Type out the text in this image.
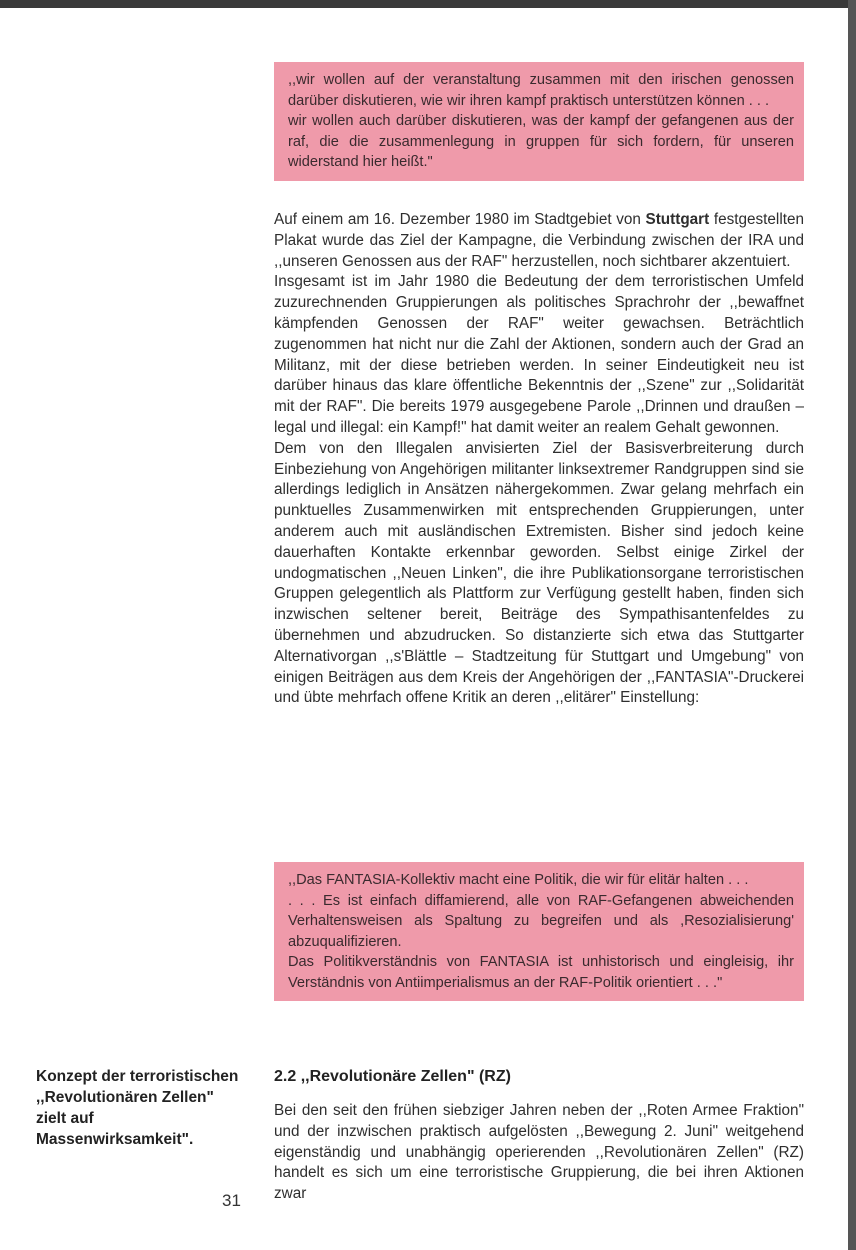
,,wir wollen auf der veranstaltung zusammen mit den irischen genossen darüber diskutieren, wie wir ihren kampf praktisch unterstützen können . . .

wir wollen auch darüber diskutieren, was der kampf der gefangenen aus der raf, die die zusammenlegung in gruppen für sich fordern, für unseren widerstand hier heißt."

Auf einem am 16. Dezember 1980 im Stadtgebiet von Stuttgart festgestellten Plakat wurde das Ziel der Kampagne, die Verbindung zwischen der IRA und ,,unseren Genossen aus der RAF" herzustellen, noch sichtbarer akzentuiert.

Insgesamt ist im Jahr 1980 die Bedeutung der dem terroristischen Umfeld zuzurechnenden Gruppierungen als politisches Sprachrohr der ,,bewaffnet kämpfenden Genossen der RAF" weiter gewachsen. Beträchtlich zugenommen hat nicht nur die Zahl der Aktionen, sondern auch der Grad an Militanz, mit der diese betrieben werden. In seiner Eindeutigkeit neu ist darüber hinaus das klare öffentliche Bekenntnis der ,,Szene" zur ,,Solidarität mit der RAF". Die bereits 1979 ausgegebene Parole ,,Drinnen und draußen – legal und illegal: ein Kampf!" hat damit weiter an realem Gehalt gewonnen.

Dem von den Illegalen anvisierten Ziel der Basisverbreiterung durch Einbeziehung von Angehörigen militanter linksextremer Randgruppen sind sie allerdings lediglich in Ansätzen nähergekommen. Zwar gelang mehrfach ein punktuelles Zusammenwirken mit entsprechenden Gruppierungen, unter anderem auch mit ausländischen Extremisten. Bisher sind jedoch keine dauerhaften Kontakte erkennbar geworden. Selbst einige Zirkel der undogmatischen ,,Neuen Linken", die ihre Publikationsorgane terroristischen Gruppen gelegentlich als Plattform zur Verfügung gestellt haben, finden sich inzwischen seltener bereit, Beiträge des Sympathisantenfeldes zu übernehmen und abzudrucken. So distanzierte sich etwa das Stuttgarter Alternativorgan ,,s'Blättle – Stadtzeitung für Stuttgart und Umgebung" von einigen Beiträgen aus dem Kreis der Angehörigen der ,,FANTASIA"-Druckerei und übte mehrfach offene Kritik an deren ,,elitärer" Einstellung:

,,Das FANTASIA-Kollektiv macht eine Politik, die wir für elitär halten . . .

. . . Es ist einfach diffamierend, alle von RAF-Gefangenen abweichenden Verhaltensweisen als Spaltung zu begreifen und als ,Resozialisierung' abzuqualifizieren.

Das Politikverständnis von FANTASIA ist unhistorisch und eingleisig, ihr Verständnis von Antiimperialismus an der RAF-Politik orientiert . . ."

Konzept der terroristischen ,,Revolutionären Zellen" zielt auf Massenwirksamkeit".
2.2 ,,Revolutionäre Zellen" (RZ)
Bei den seit den frühen siebziger Jahren neben der ,,Roten Armee Fraktion" und der inzwischen praktisch aufgelösten ,,Bewegung 2. Juni" weitgehend eigenständig und unabhängig operierenden ,,Revolutionären Zellen" (RZ) handelt es sich um eine terroristische Gruppierung, die bei ihren Aktionen zwar
31
